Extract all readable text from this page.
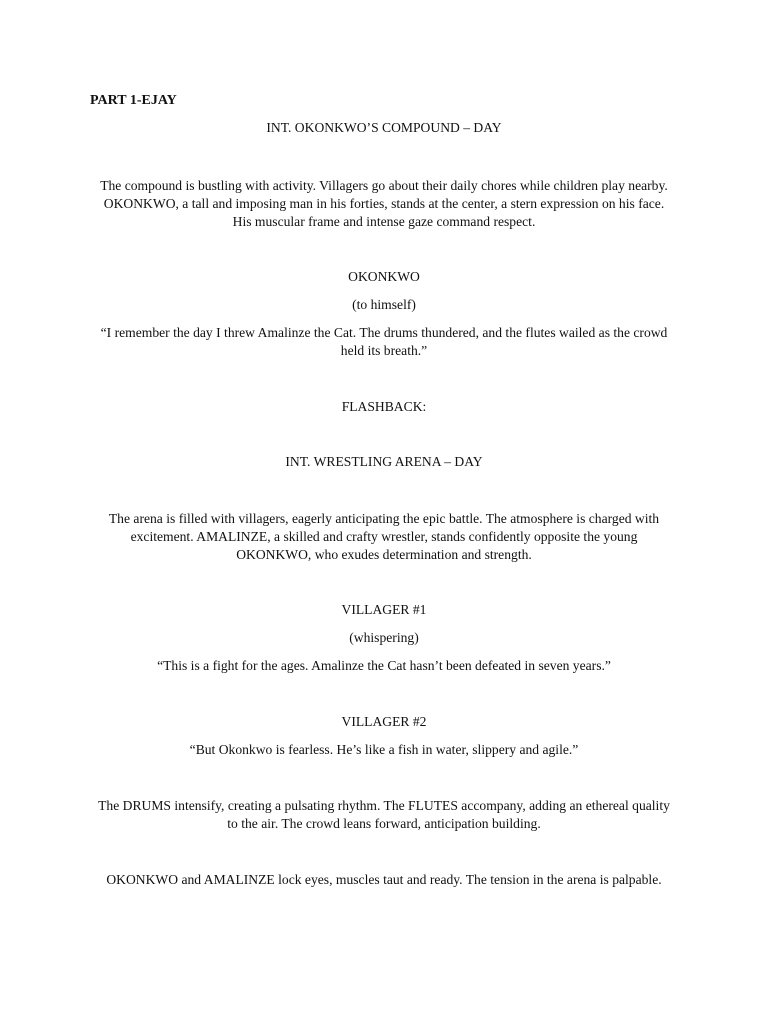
PART 1-EJAY

INT. OKONKWO’S COMPOUND – DAY

The compound is bustling with activity. Villagers go about their daily chores while children play nearby.

OKONKWO, a tall and imposing man in his forties, stands at the center, a stern expression on his face.

His muscular frame and intense gaze command respect.

OKONKWO

(to himself)

“I remember the day I threw Amalinze the Cat. The drums thundered, and the flutes wailed as the crowd

held its breath.”

FLASHBACK:

INT. WRESTLING ARENA – DAY

The arena is filled with villagers, eagerly anticipating the epic battle. The atmosphere is charged with

excitement. AMALINZE, a skilled and crafty wrestler, stands confidently opposite the young

OKONKWO, who exudes determination and strength.

VILLAGER #1

(whispering)

“This is a fight for the ages. Amalinze the Cat hasn’t been defeated in seven years.”

VILLAGER #2

“But Okonkwo is fearless. He’s like a fish in water, slippery and agile.”

The DRUMS intensify, creating a pulsating rhythm. The FLUTES accompany, adding an ethereal quality

to the air. The crowd leans forward, anticipation building.

OKONKWO and AMALINZE lock eyes, muscles taut and ready. The tension in the arena is palpable.
